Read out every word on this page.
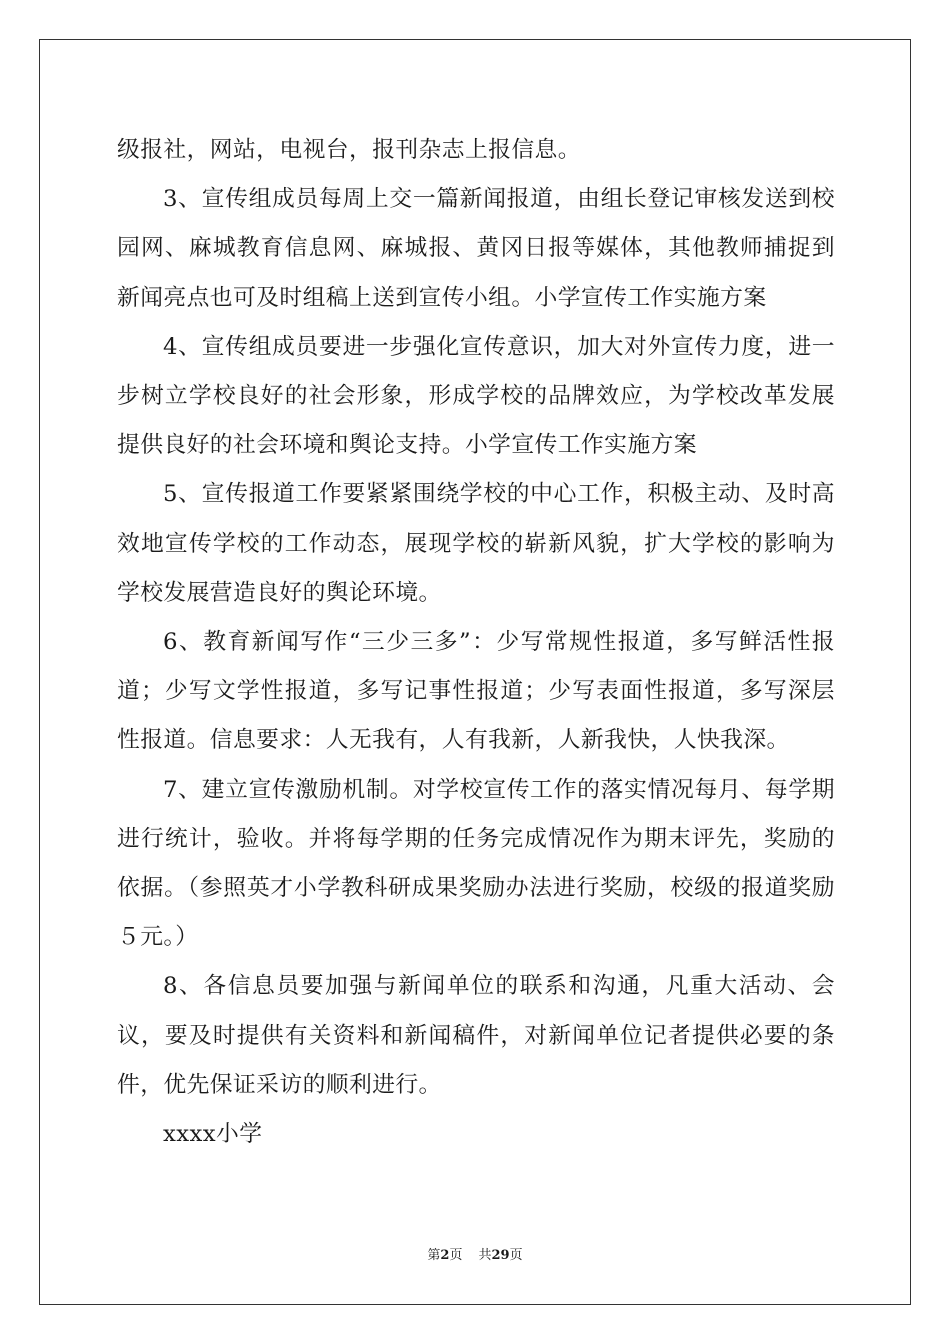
级报社，网站，电视台，报刊杂志上报信息。

3、宣传组成员每周上交一篇新闻报道，由组长登记审核发送到校园网、麻城教育信息网、麻城报、黄冈日报等媒体，其他教师捕捉到新闻亮点也可及时组稿上送到宣传小组。小学宣传工作实施方案

4、宣传组成员要进一步强化宣传意识，加大对外宣传力度，进一步树立学校良好的社会形象，形成学校的品牌效应，为学校改革发展提供良好的社会环境和舆论支持。小学宣传工作实施方案

5、宣传报道工作要紧紧围绕学校的中心工作，积极主动、及时高效地宣传学校的工作动态，展现学校的崭新风貌，扩大学校的影响为学校发展营造良好的舆论环境。

6、教育新闻写作“三少三多”：少写常规性报道，多写鲜活性报道；少写文学性报道，多写记事性报道；少写表面性报道，多写深层性报道。信息要求：人无我有，人有我新，人新我快，人快我深。

7、建立宣传激励机制。对学校宣传工作的落实情况每月、每学期进行统计，验收。并将每学期的任务完成情况作为期末评先，奖励的依据。（参照英才小学教科研成果奖励办法进行奖励，校级的报道奖励５元。）

8、各信息员要加强与新闻单位的联系和沟通，凡重大活动、会议，要及时提供有关资料和新闻稿件，对新闻单位记者提供必要的条件，优先保证采访的顺利进行。

xxxx小学

第2页 共29页
